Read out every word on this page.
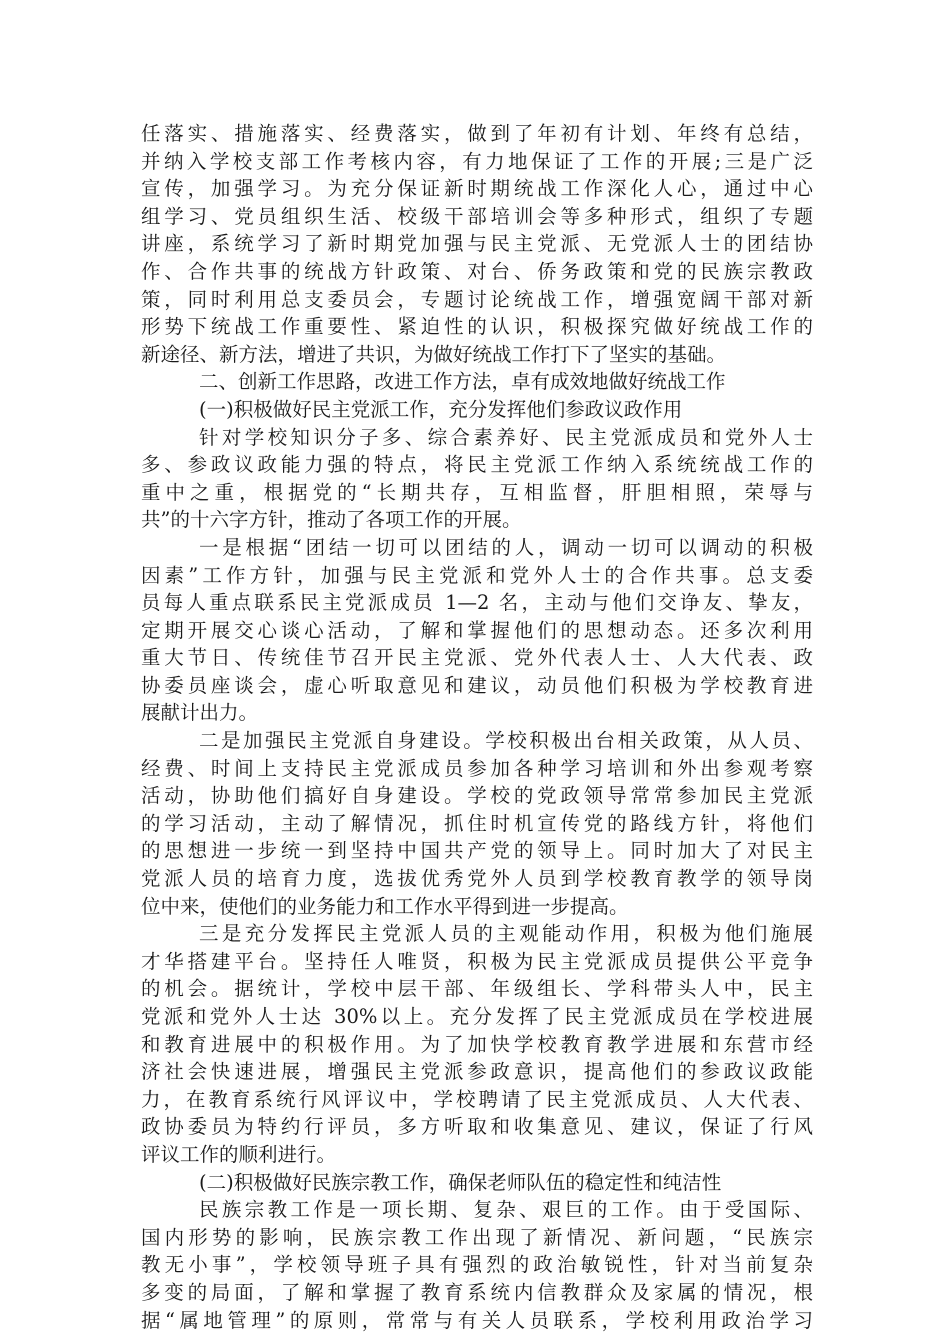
任落实、措施落实、经费落实，做到了年初有计划、年终有总结，
并纳入学校支部工作考核内容，有力地保证了工作的开展;三是广泛
宣传，加强学习。为充分保证新时期统战工作深化人心，通过中心
组学习、党员组织生活、校级干部培训会等多种形式，组织了专题
讲座，系统学习了新时期党加强与民主党派、无党派人士的团结协
作、合作共事的统战方针政策、对台、侨务政策和党的民族宗教政
策，同时利用总支委员会，专题讨论统战工作，增强宽阔干部对新
形势下统战工作重要性、紧迫性的认识，积极探究做好统战工作的
新途径、新方法，增进了共识，为做好统战工作打下了坚实的基础。
二、创新工作思路，改进工作方法，卓有成效地做好统战工作
(一)积极做好民主党派工作，充分发挥他们参政议政作用
针对学校知识分子多、综合素养好、民主党派成员和党外人士
多、参政议政能力强的特点，将民主党派工作纳入系统统战工作的
重中之重，根据党的“长期共存，互相监督，肝胆相照，荣辱与
共”的十六字方针，推动了各项工作的开展。
一是根据“团结一切可以团结的人，调动一切可以调动的积极
因素”工作方针，加强与民主党派和党外人士的合作共事。总支委
员每人重点联系民主党派成员 1—2 名，主动与他们交诤友、挚友，
定期开展交心谈心活动，了解和掌握他们的思想动态。还多次利用
重大节日、传统佳节召开民主党派、党外代表人士、人大代表、政
协委员座谈会，虚心听取意见和建议，动员他们积极为学校教育进
展献计出力。
二是加强民主党派自身建设。学校积极出台相关政策，从人员、
经费、时间上支持民主党派成员参加各种学习培训和外出参观考察
活动，协助他们搞好自身建设。学校的党政领导常常参加民主党派
的学习活动，主动了解情况，抓住时机宣传党的路线方针，将他们
的思想进一步统一到坚持中国共产党的领导上。同时加大了对民主
党派人员的培育力度，选拔优秀党外人员到学校教育教学的领导岗
位中来，使他们的业务能力和工作水平得到进一步提高。
三是充分发挥民主党派人员的主观能动作用，积极为他们施展
才华搭建平台。坚持任人唯贤，积极为民主党派成员提供公平竞争
的机会。据统计，学校中层干部、年级组长、学科带头人中，民主
党派和党外人士达 30%以上。充分发挥了民主党派成员在学校进展
和教育进展中的积极作用。为了加快学校教育教学进展和东营市经
济社会快速进展，增强民主党派参政意识，提高他们的参政议政能
力，在教育系统行风评议中，学校聘请了民主党派成员、人大代表、
政协委员为特约行评员，多方听取和收集意见、建议，保证了行风
评议工作的顺利进行。
(二)积极做好民族宗教工作，确保老师队伍的稳定性和纯洁性
民族宗教工作是一项长期、复杂、艰巨的工作。由于受国际、
国内形势的影响，民族宗教工作出现了新情况、新问题，“民族宗
教无小事”，学校领导班子具有强烈的政治敏锐性，针对当前复杂
多变的局面，了解和掌握了教育系统内信教群众及家属的情况，根
据“属地管理”的原则，常常与有关人员联系，学校利用政治学习
